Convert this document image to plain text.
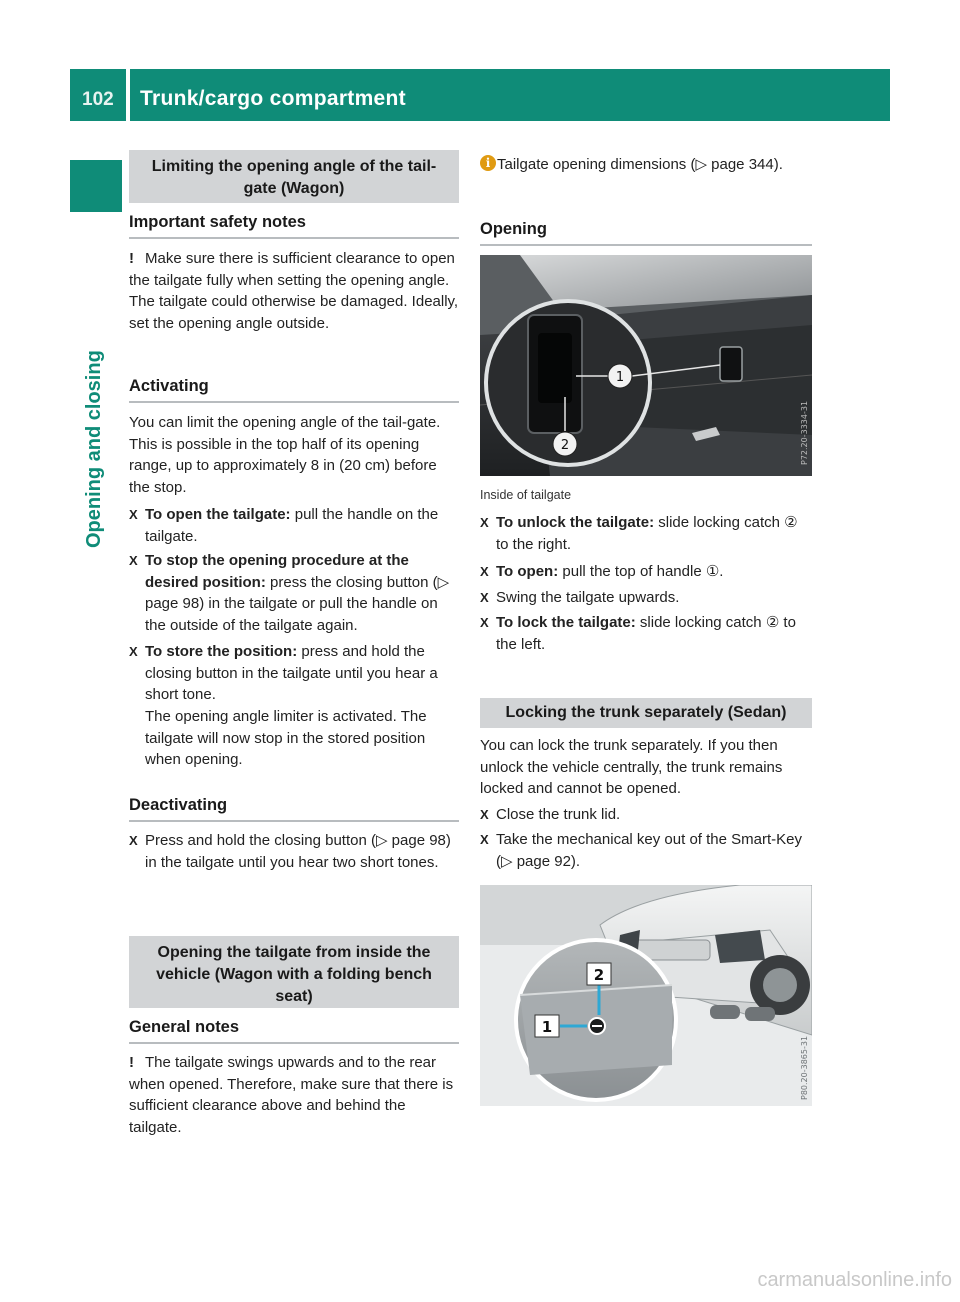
102 Trunk/cargo compartment
Opening and closing
Limiting the opening angle of the tail-gate (Wagon)
Important safety notes
! Make sure there is sufficient clearance to open the tailgate fully when setting the opening angle. The tailgate could otherwise be damaged. Ideally, set the opening angle outside.
Activating

You can limit the opening angle of the tail-gate. This is possible in the top half of its opening range, up to approximately 8 in (20 cm) before the stop.

X To open the tailgate: pull the handle on the tailgate.
X To stop the opening procedure at the desired position: press the closing button (▷ page 98) in the tailgate or pull the handle on the outside of the tailgate again.
X To store the position: press and hold the closing button in the tailgate until you hear a short tone.
The opening angle limiter is activated. The tailgate will now stop in the stored position when opening.
Deactivating
X Press and hold the closing button (▷ page 98) in the tailgate until you hear two short tones.
Opening the tailgate from inside the vehicle (Wagon with a folding bench seat)
General notes
! The tailgate swings upwards and to the rear when opened. Therefore, make sure that there is sufficient clearance above and behind the tailgate.
i Tailgate opening dimensions (▷ page 344).

Opening
1
2	P72.20-3334-31
Inside of tailgate
X To unlock the tailgate: slide locking catch ② to the right.
X To open: pull the top of handle ①.
X Swing the tailgate upwards.
X To lock the tailgate: slide locking catch ② to the left.
Locking the trunk separately (Sedan)

You can lock the trunk separately. If you then unlock the vehicle centrally, the trunk remains locked and cannot be opened.

X Close the trunk lid.
X Take the mechanical key out of the Smart-Key (▷ page 92).
2
1
P80.20-3865-31
carmanualsonline.info
